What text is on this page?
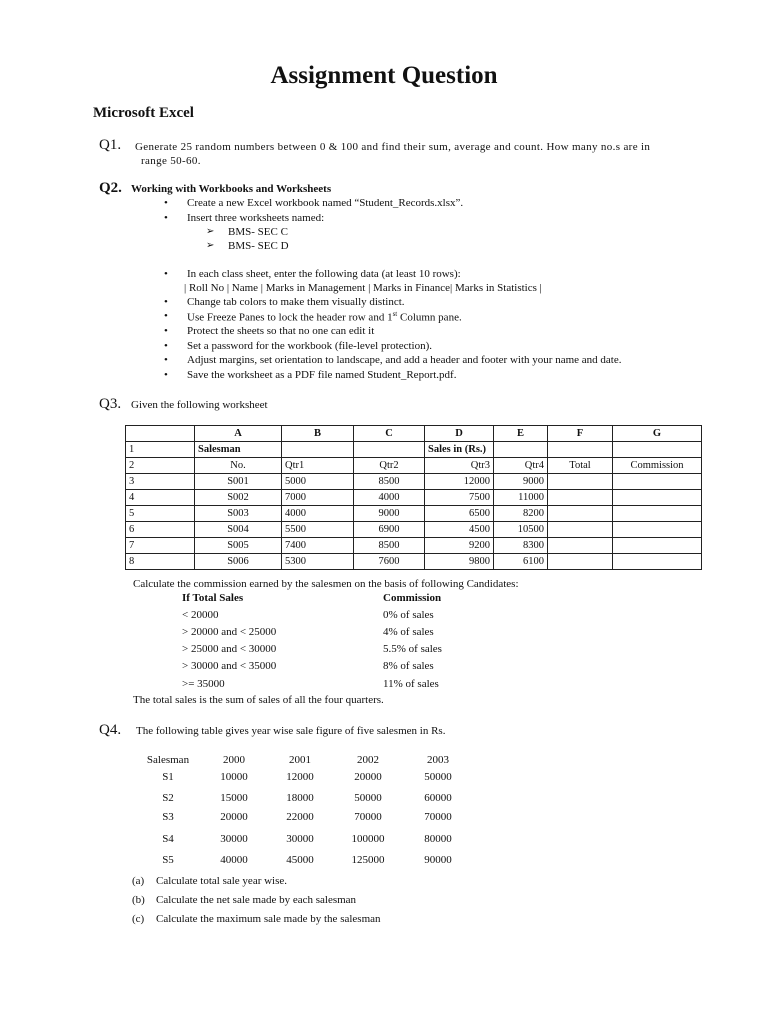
Assignment Question
Microsoft Excel
Q1. Generate 25 random numbers between 0 & 100 and find their sum, average and count. How many no.s are in
range 50-60.
Q2. Working with Workbooks and Worksheets
• Create a new Excel workbook named “Student_Records.xlsx”.
• Insert three worksheets named:
➢ BMS- SEC C
➢ BMS- SEC D
• In each class sheet, enter the following data (at least 10 rows):
| Roll No | Name | Marks in Management | Marks in Finance| Marks in Statistics |
• Change tab colors to make them visually distinct.
• Use Freeze Panes to lock the header row and 1st Column pane.
• Protect the sheets so that no one can edit it
• Set a password for the workbook (file-level protection).
• Adjust margins, set orientation to landscape, and add a header and footer with your name and date.
• Save the worksheet as a PDF file named Student_Report.pdf.
Q3. Given the following worksheet
	A	B	C	D	E	F	G
1	Salesman			Sales in (Rs.)			
2	No.	Qtr1	Qtr2	Qtr3	Qtr4	Total	Commission
3	S001	5000	8500	12000	9000		
4	S002	7000	4000	7500	11000		
5	S003	4000	9000	6500	8200		
6	S004	5500	6900	4500	10500		
7	S005	7400	8500	9200	8300		
8	S006	5300	7600	9800	6100		
Calculate the commission earned by the salesmen on the basis of following Candidates:
If Total Sales	Commission
< 20000	0% of sales
> 20000 and < 25000	4% of sales
> 25000 and < 30000	5.5% of sales
> 30000 and < 35000	8% of sales
>= 35000	11% of sales
The total sales is the sum of sales of all the four quarters.
Q4. The following table gives year wise sale figure of five salesmen in Rs.
Salesman	2000	2001	2002	2003
S1	10000	12000	20000	50000
S2	15000	18000	50000	60000
S3	20000	22000	70000	70000
S4	30000	30000	100000	80000
S5	40000	45000	125000	90000
(a) Calculate total sale year wise.
(b) Calculate the net sale made by each salesman
(c) Calculate the maximum sale made by the salesman
